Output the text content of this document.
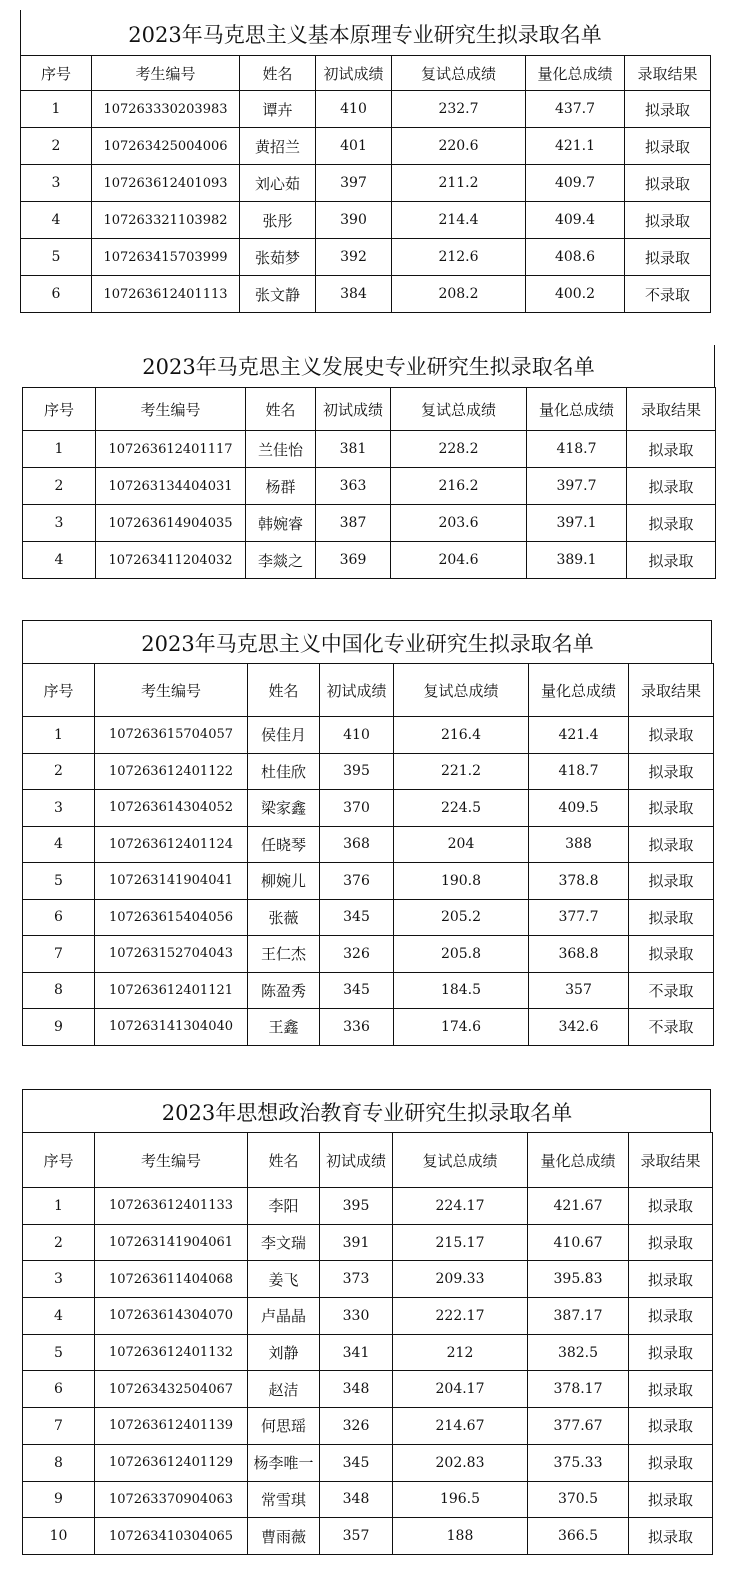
2023年马克思主义基本原理专业研究生拟录取名单
序号	考生编号	姓名	初试成绩	复试总成绩	量化总成绩	录取结果
1	107263330203983	谭卉	410	232.7	437.7	拟录取
2	107263425004006	黄招兰	401	220.6	421.1	拟录取
3	107263612401093	刘心茹	397	211.2	409.7	拟录取
4	107263321103982	张彤	390	214.4	409.4	拟录取
5	107263415703999	张茹梦	392	212.6	408.6	拟录取
6	107263612401113	张文静	384	208.2	400.2	不录取
2023年马克思主义发展史专业研究生拟录取名单
序号	考生编号	姓名	初试成绩	复试总成绩	量化总成绩	录取结果
1	107263612401117	兰佳怡	381	228.2	418.7	拟录取
2	107263134404031	杨群	363	216.2	397.7	拟录取
3	107263614904035	韩婉睿	387	203.6	397.1	拟录取
4	107263411204032	李燚之	369	204.6	389.1	拟录取
2023年马克思主义中国化专业研究生拟录取名单
序号	考生编号	姓名	初试成绩	复试总成绩	量化总成绩	录取结果
1	107263615704057	侯佳月	410	216.4	421.4	拟录取
2	107263612401122	杜佳欣	395	221.2	418.7	拟录取
3	107263614304052	梁家鑫	370	224.5	409.5	拟录取
4	107263612401124	任晓琴	368	204	388	拟录取
5	107263141904041	柳婉儿	376	190.8	378.8	拟录取
6	107263615404056	张薇	345	205.2	377.7	拟录取
7	107263152704043	王仁杰	326	205.8	368.8	拟录取
8	107263612401121	陈盈秀	345	184.5	357	不录取
9	107263141304040	王鑫	336	174.6	342.6	不录取
2023年思想政治教育专业研究生拟录取名单
序号	考生编号	姓名	初试成绩	复试总成绩	量化总成绩	录取结果
1	107263612401133	李阳	395	224.17	421.67	拟录取
2	107263141904061	李文瑞	391	215.17	410.67	拟录取
3	107263611404068	姜飞	373	209.33	395.83	拟录取
4	107263614304070	卢晶晶	330	222.17	387.17	拟录取
5	107263612401132	刘静	341	212	382.5	拟录取
6	107263432504067	赵洁	348	204.17	378.17	拟录取
7	107263612401139	何思瑶	326	214.67	377.67	拟录取
8	107263612401129	杨李唯一	345	202.83	375.33	拟录取
9	107263370904063	常雪琪	348	196.5	370.5	拟录取
10	107263410304065	曹雨薇	357	188	366.5	拟录取
